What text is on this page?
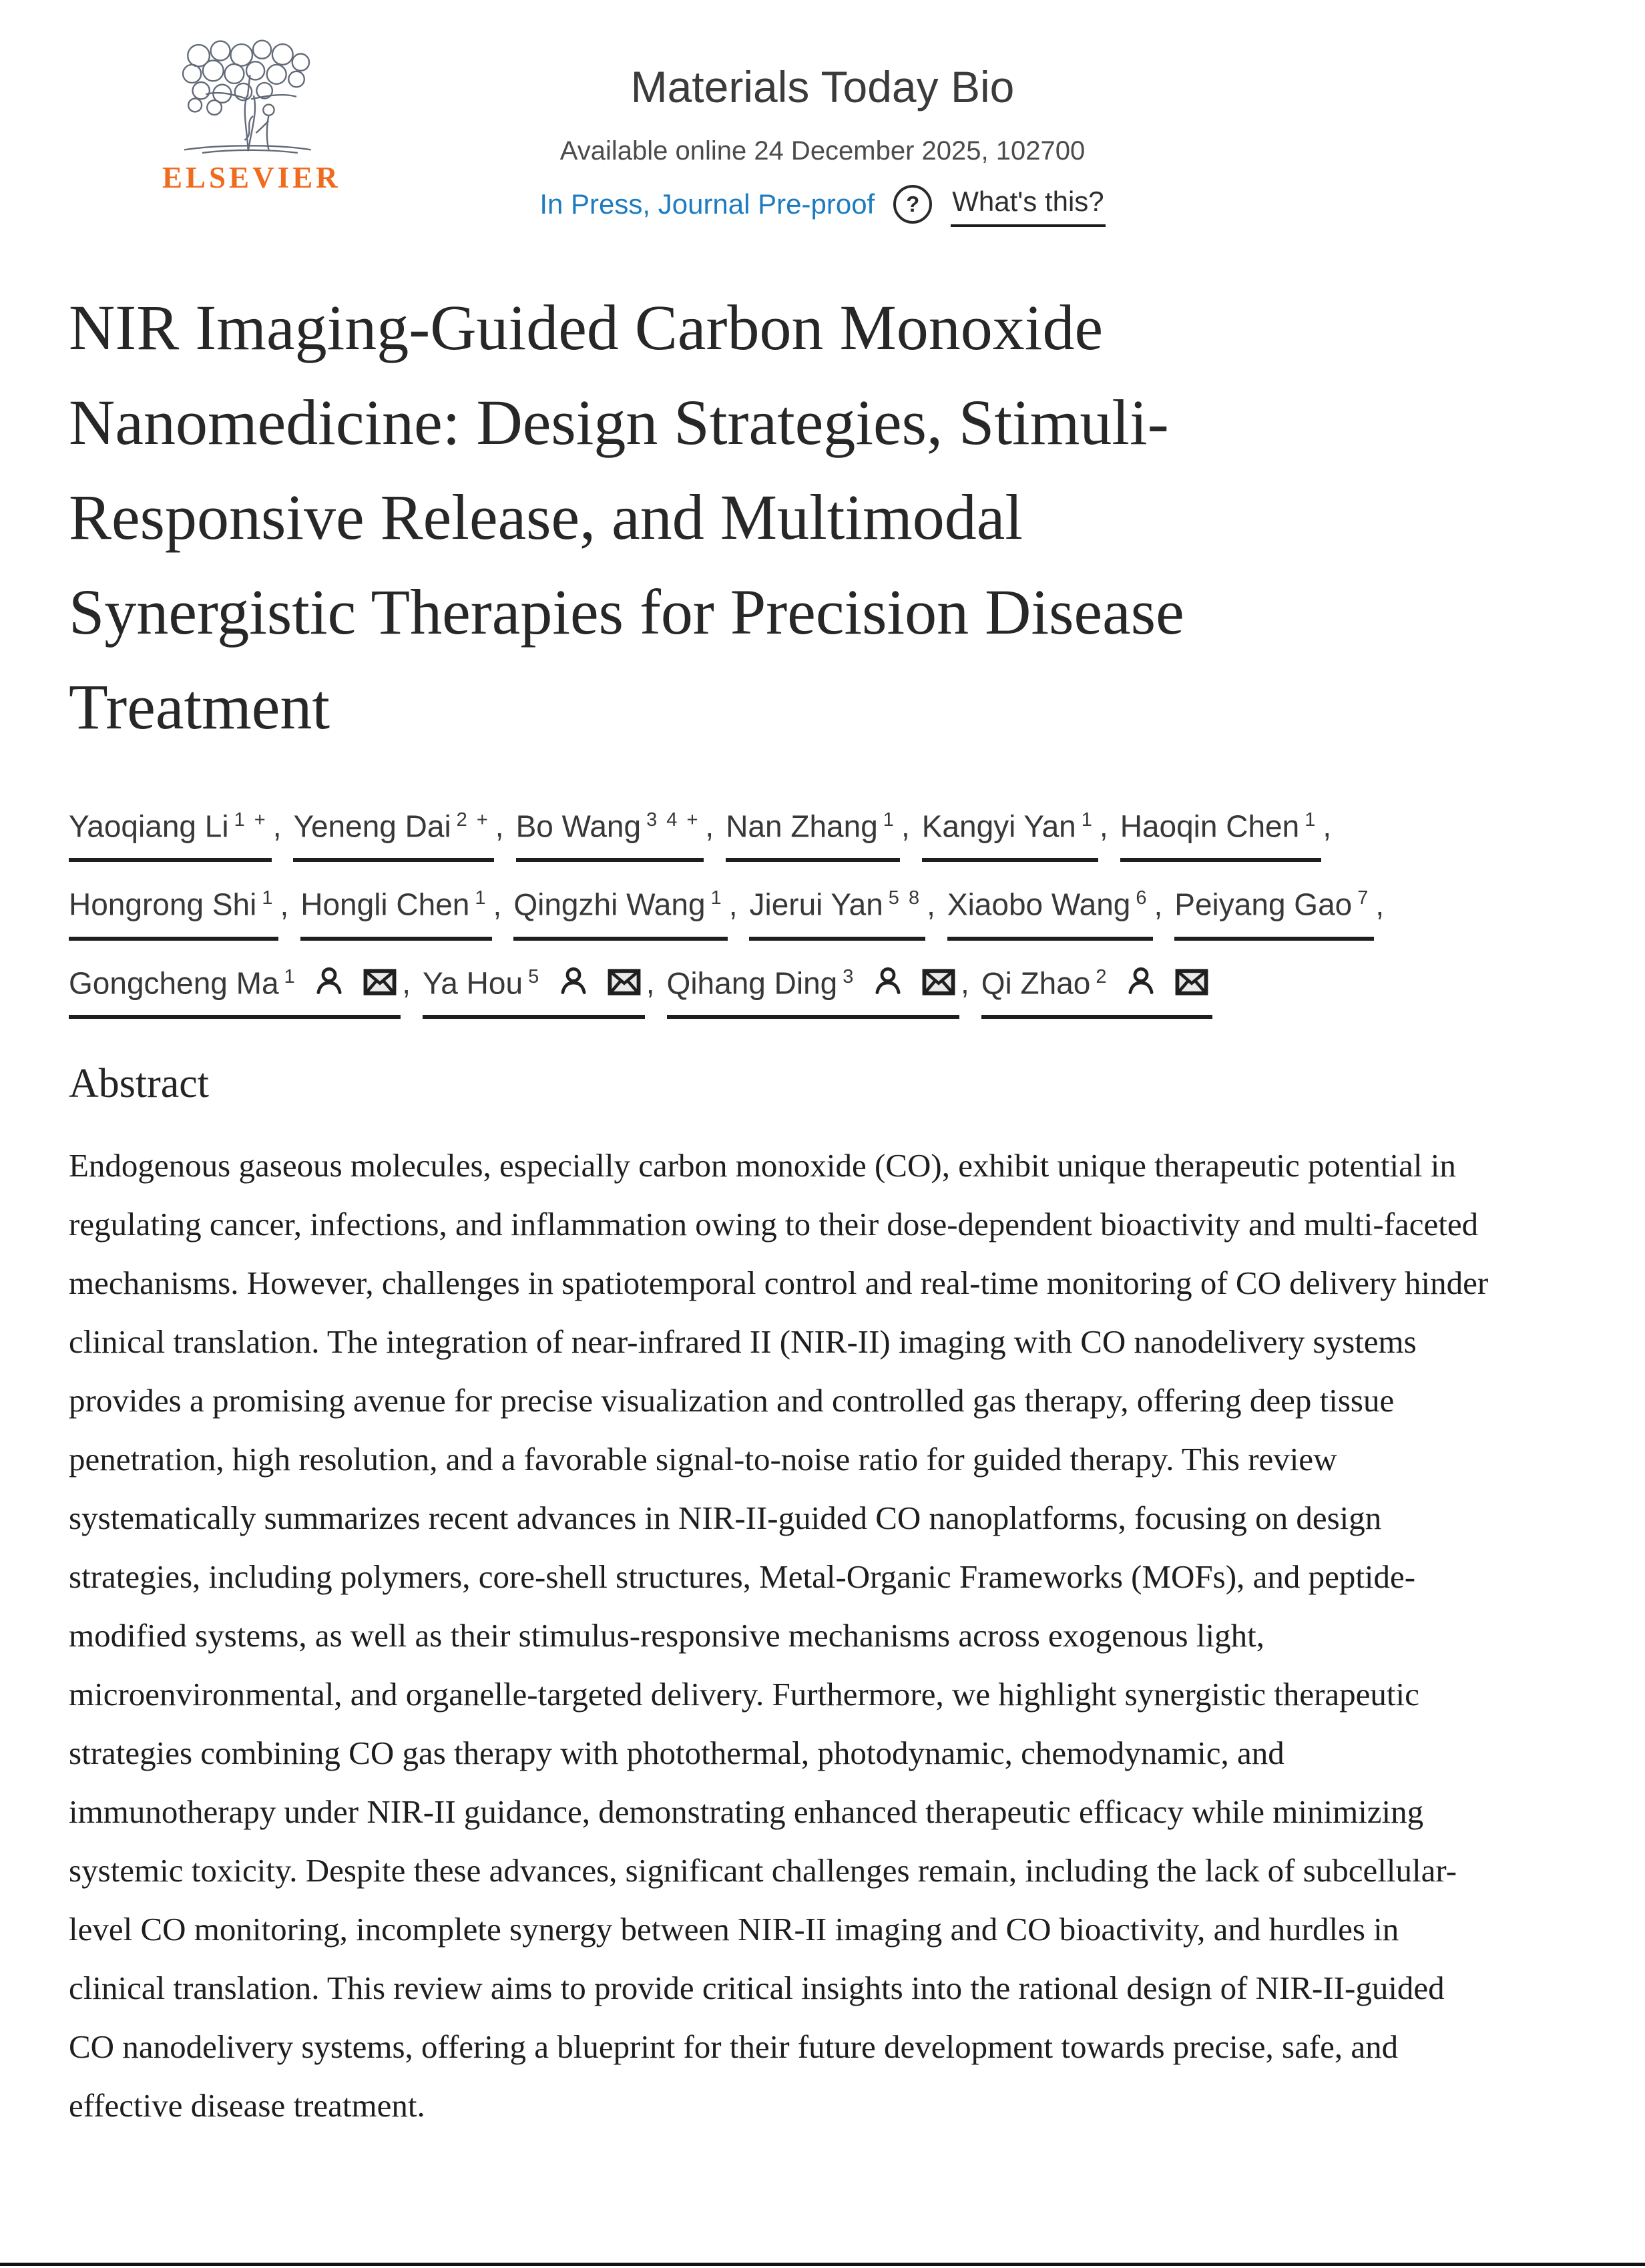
ELSEVIER
Materials Today Bio
Available online 24 December 2025, 102700
In Press, Journal Pre-proof	?	What's this?
NIR Imaging-Guided Carbon Monoxide
Nanomedicine: Design Strategies, Stimuli-
Responsive Release, and Multimodal
Synergistic Therapies for Precision Disease
Treatment
Yaoqiang Li $^{1 +}$ , Yeneng Dai $^{2 +}$ , Bo Wang $^{3 4 +}$ , Nan Zhang $^1$ , Kangyi Yan $^1$ , Haoqin Chen $^1$ ,
Hongrong Shi $^1$ , Hongli Chen $^1$ , Qingzhi Wang $^1$ , Jierui Yan $^{5 8}$ , Xiaobo Wang $^6$ , Peiyang Gao $^7$ ,
Gongcheng Ma $^1$
	, Ya Hou $^5$
	, Qihang Ding $^3$
	, Qi Zhao $^2$

Abstract

Endogenous gaseous molecules, especially carbon monoxide (CO), exhibit unique therapeutic potential in regulating cancer, infections, and inflammation owing to their dose-dependent bioactivity and multi-faceted mechanisms. However, challenges in spatiotemporal control and real-time monitoring of CO delivery hinder clinical translation. The integration of near-infrared II (NIR-II) imaging with CO nanodelivery systems provides a promising avenue for precise visualization and controlled gas therapy, offering deep tissue penetration, high resolution, and a favorable signal-to-noise ratio for guided therapy. This review systematically summarizes recent advances in NIR-II-guided CO nanoplatforms, focusing on design strategies, including polymers, core-shell structures, Metal-Organic Frameworks (MOFs), and peptide-modified systems, as well as their stimulus-responsive mechanisms across exogenous light, microenvironmental, and organelle-targeted delivery. Furthermore, we highlight synergistic therapeutic strategies combining CO gas therapy with photothermal, photodynamic, chemodynamic, and immunotherapy under NIR-II guidance, demonstrating enhanced therapeutic efficacy while minimizing systemic toxicity. Despite these advances, significant challenges remain, including the lack of subcellular-level CO monitoring, incomplete synergy between NIR-II imaging and CO bioactivity, and hurdles in clinical translation. This review aims to provide critical insights into the rational design of NIR-II-guided CO nanodelivery systems, offering a blueprint for their future development towards precise, safe, and effective disease treatment.
